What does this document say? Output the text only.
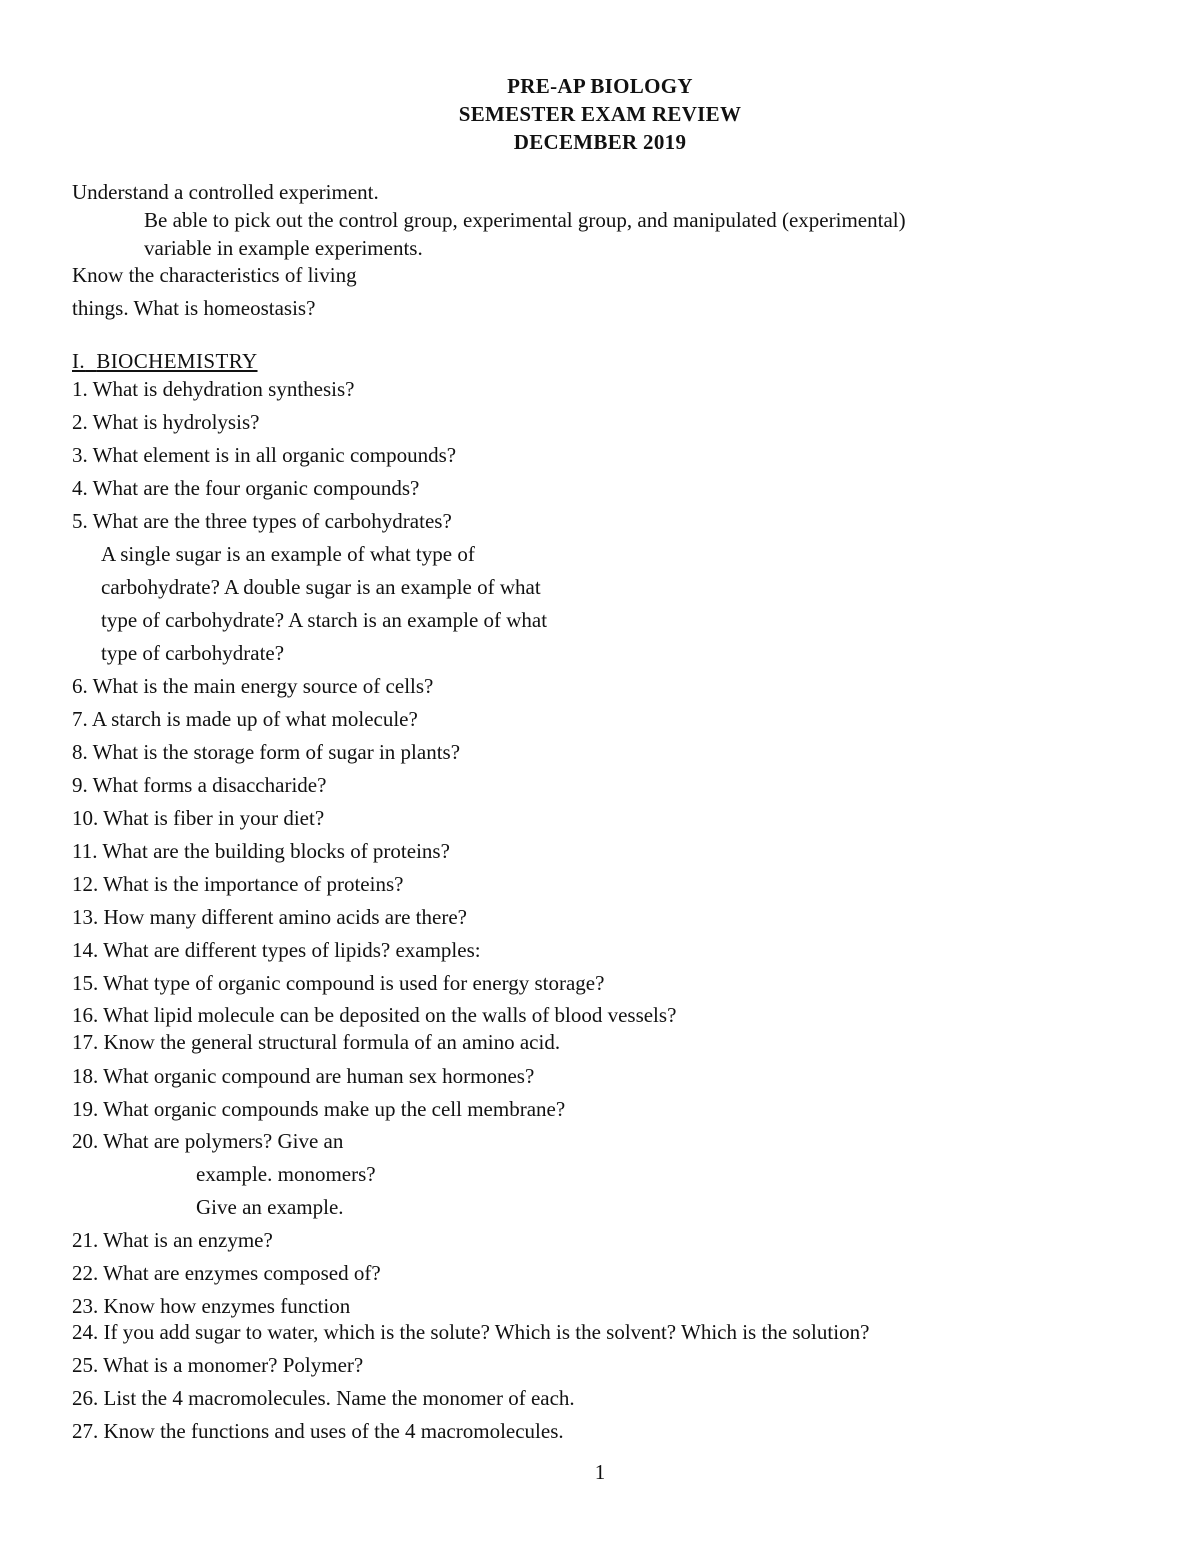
PRE-AP BIOLOGY
SEMESTER EXAM REVIEW
DECEMBER 2019
Understand a controlled experiment.
Be able to pick out the control group, experimental group, and manipulated (experimental)
variable in example experiments.
Know the characteristics of living
things. What is homeostasis?
I. BIOCHEMISTRY
1. What is dehydration synthesis?
2. What is hydrolysis?
3. What element is in all organic compounds?
4. What are the four organic compounds?
5. What are the three types of carbohydrates?
A single sugar is an example of what type of
carbohydrate? A double sugar is an example of what
type of carbohydrate? A starch is an example of what
type of carbohydrate?
6. What is the main energy source of cells?
7. A starch is made up of what molecule?
8. What is the storage form of sugar in plants?
9. What forms a disaccharide?
10. What is fiber in your diet?
11. What are the building blocks of proteins?
12. What is the importance of proteins?
13. How many different amino acids are there?
14. What are different types of lipids? examples:
15. What type of organic compound is used for energy storage?
16. What lipid molecule can be deposited on the walls of blood vessels?
17. Know the general structural formula of an amino acid.
18. What organic compound are human sex hormones?
19. What organic compounds make up the cell membrane?
20. What are polymers? Give an
example. monomers?
Give an example.
21. What is an enzyme?
22. What are enzymes composed of?
23. Know how enzymes function
24. If you add sugar to water, which is the solute? Which is the solvent? Which is the solution?
25. What is a monomer? Polymer?
26. List the 4 macromolecules. Name the monomer of each.
27. Know the functions and uses of the 4 macromolecules.
1
